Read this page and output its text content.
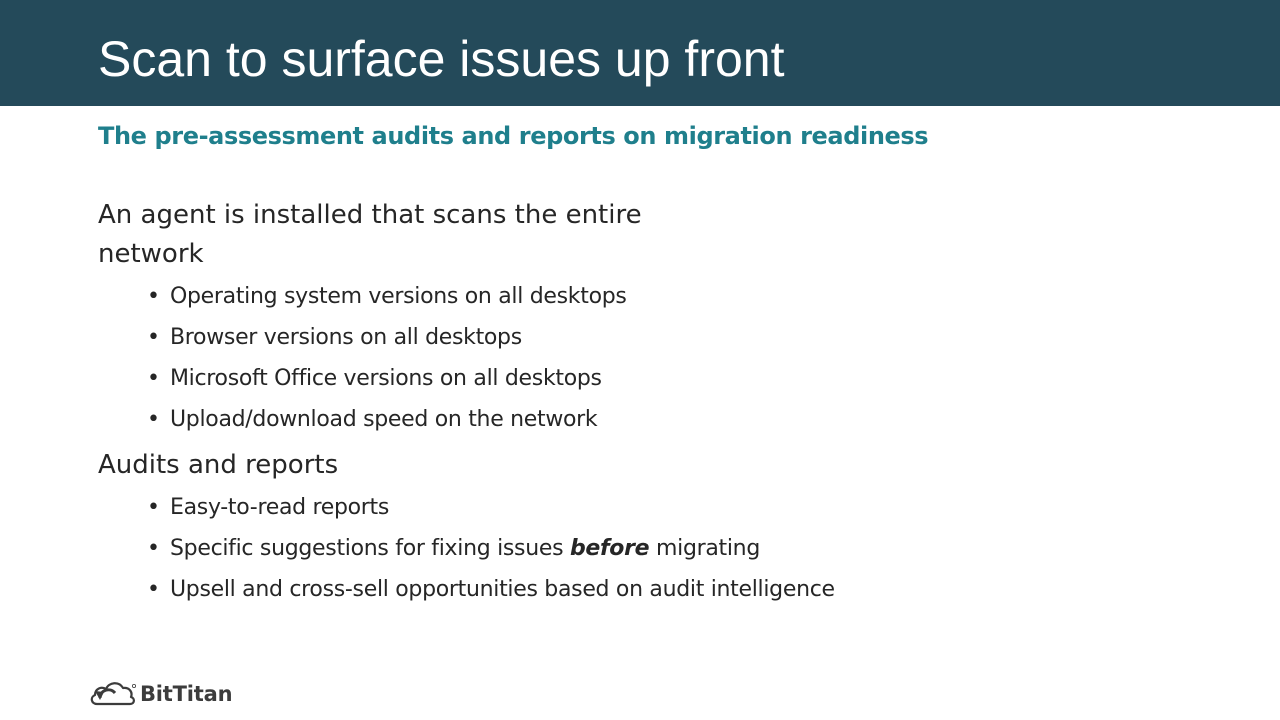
Scan to surface issues up front
The pre-assessment audits and reports on migration readiness

An agent is installed that scans the entire network

• Operating system versions on all desktops
• Browser versions on all desktops
• Microsoft Office versions on all desktops
• Upload/download speed on the network

Audits and reports

• Easy-to-read reports
• Specific suggestions for fixing issues before migrating
• Upsell and cross-sell opportunities based on audit intelligence
BitTitan
